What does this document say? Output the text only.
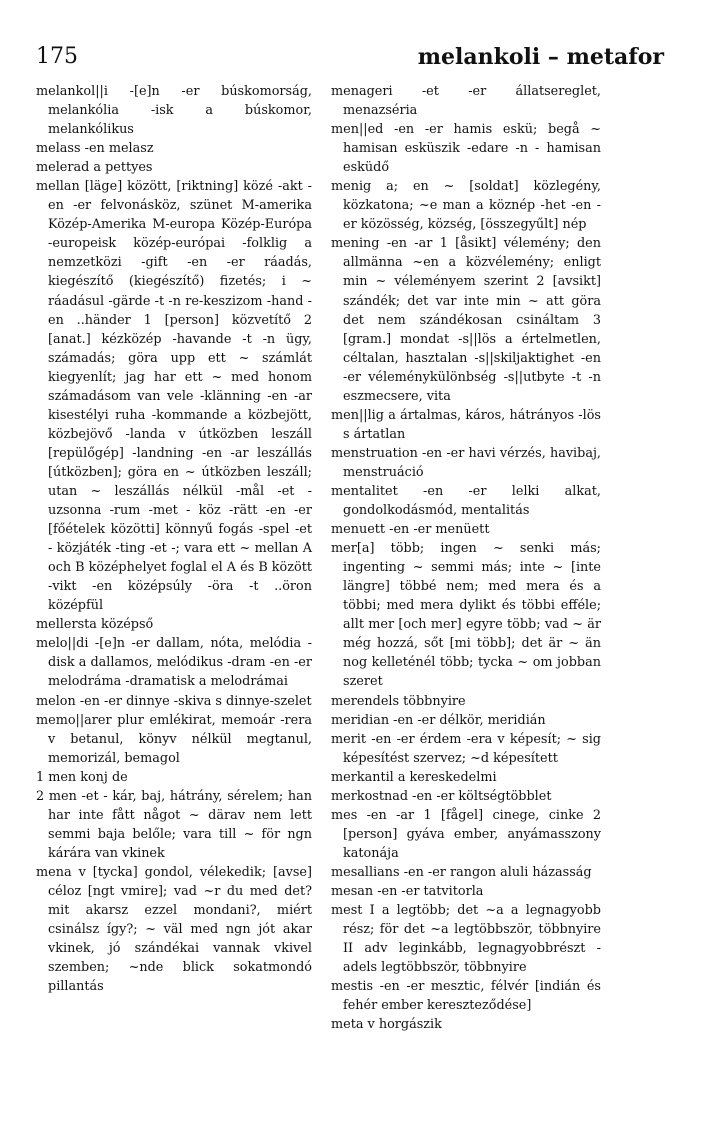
175	melankoli – metafor

melankol||i -[e]n -er búskomorság, melankólia -isk a búskomor, melankólikus

melass -en melasz

melerad a pettyes

mellan [läge] között, [riktning] közé -akt -en -er felvonásköz, szünet M-amerika Közép-Amerika M-europa Közép-Európa -europeisk közép-európai -folklig a nemzetközi -gift -en -er ráadás, kiegészítő (kiegészítő) fizetés; i ~ ráadásul -gärde -t -n re-keszizom -hand -en ..händer 1 [person] közvetítő 2 [anat.] kézközép -havande -t -n ügy, számadás; göra upp ett ~ számlát kiegyenlít; jag har ett ~ med honom számadásom van vele -klänning -en -ar kisestélyi ruha -kommande a közbejött, közbejövő -landa v útközben leszáll [repülőgép] -landning -en -ar leszállás [útközben]; göra en ~ útközben leszáll; utan ~ leszállás nélkül -mål -et - uzsonna -rum -met - köz -rätt -en -er [főételek közötti] könnyű fogás -spel -et - közjáték -ting -et -; vara ett ~ mellan A och B középhelyet foglal el A és B között -vikt -en középsúly -öra -t ..öron középfül

mellersta középső

melo||di -[e]n -er dallam, nóta, melódia -disk a dallamos, melódikus -dram -en -er melodráma -dramatisk a melodrámai

melon -en -er dinnye -skiva s dinnye-szelet

memo||arer plur emlékirat, memoár -rera v betanul, könyv nélkül megtanul, memorizál, bemagol

1 men konj de

2 men -et - kár, baj, hátrány, sérelem; han har inte fått något ~ därav nem lett semmi baja belőle; vara till ~ för ngn kárára van vkinek

mena v [tycka] gondol, vélekedik; [avse] céloz [ngt vmire]; vad ~r du med det? mit akarsz ezzel mondani?, miért csinálsz így?; ~ väl med ngn jót akar vkinek, jó szándékai vannak vkivel szemben; ~nde blick sokatmondó pillantás

menageri -et -er állatsereglet, menazséria

men||ed -en -er hamis eskü; begå ~ hamisan esküszik -edare -n - hamisan esküdő

menig a; en ~ [soldat] közlegény, közkatona; ~e man a köznép -het -en -er közösség, község, [összegyűlt] nép

mening -en -ar 1 [åsikt] vélemény; den allmänna ~en a közvélemény; enligt min ~ véleményem szerint 2 [avsikt] szándék; det var inte min ~ att göra det nem szándékosan csináltam 3 [gram.] mondat -s||lös a értelmetlen, céltalan, hasztalan -s||skiljaktighet -en -er véleménykülönbség -s||utbyte -t -n eszmecsere, vita

men||lig a ártalmas, káros, hátrányos -lös s ártatlan

menstruation -en -er havi vérzés, havibaj, menstruáció

mentalitet -en -er lelki alkat, gondolkodásmód, mentalitás

menuett -en -er menüett

mer[a] több; ingen ~ senki más; ingenting ~ semmi más; inte ~ [inte längre] többé nem; med mera és a többi; med mera dylikt és többi efféle; allt mer [och mer] egyre több; vad ~ är még hozzá, sőt [mi több]; det är ~ än nog kelleténél több; tycka ~ om jobban szeret

merendels többnyire

meridian -en -er délkör, meridián

merit -en -er érdem -era v képesít; ~ sig képesítést szervez; ~d képesített

merkantil a kereskedelmi

merkostnad -en -er költségtöbblet

mes -en -ar 1 [fågel] cinege, cinke 2 [person] gyáva ember, anyámasszony katonája

mesallians -en -er rangon aluli házasság

mesan -en -er tatvitorla

mest I a legtöbb; det ~a a legnagyobb rész; för det ~a legtöbbször, többnyire II adv leginkább, legnagyobbrészt -adels legtöbbször, többnyire

mestis -en -er mesztic, félvér [indián és fehér ember kereszteződése]

meta v horgászik
